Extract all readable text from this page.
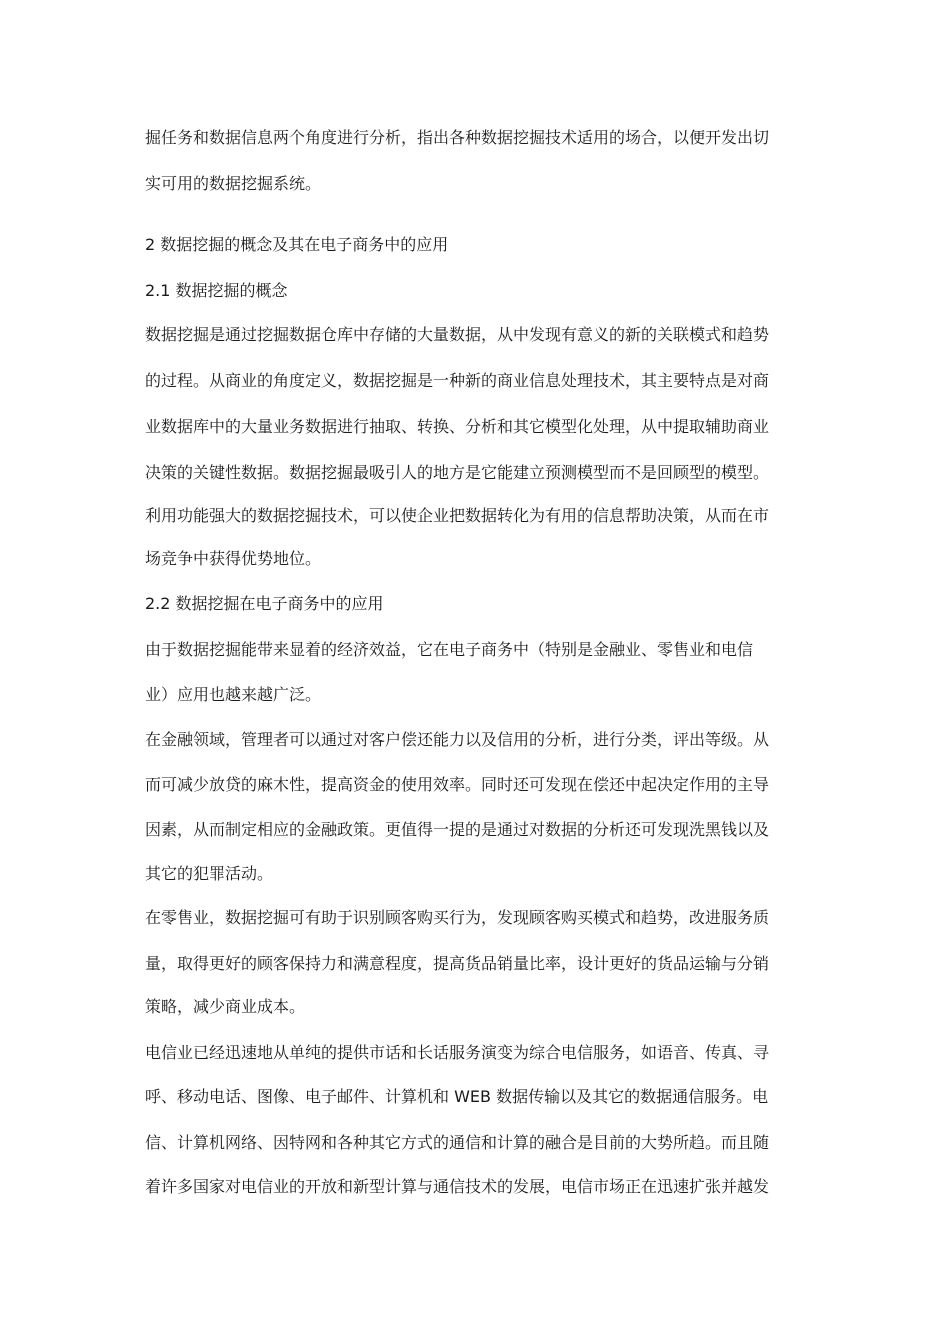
掘任务和数据信息两个角度进行分析，指出各种数据挖掘技术适用的场合，以便开发出切
实可用的数据挖掘系统。
2 数据挖掘的概念及其在电子商务中的应用
2.1 数据挖掘的概念
数据挖掘是通过挖掘数据仓库中存储的大量数据，从中发现有意义的新的关联模式和趋势
的过程。从商业的角度定义，数据挖掘是一种新的商业信息处理技术，其主要特点是对商
业数据库中的大量业务数据进行抽取、转换、分析和其它模型化处理，从中提取辅助商业
决策的关键性数据。数据挖掘最吸引人的地方是它能建立预测模型而不是回顾型的模型。
利用功能强大的数据挖掘技术，可以使企业把数据转化为有用的信息帮助决策，从而在市
场竞争中获得优势地位。
2.2 数据挖掘在电子商务中的应用
由于数据挖掘能带来显着的经济效益，它在电子商务中（特别是金融业、零售业和电信
业）应用也越来越广泛。
在金融领域，管理者可以通过对客户偿还能力以及信用的分析，进行分类，评出等级。从
而可减少放贷的麻木性，提高资金的使用效率。同时还可发现在偿还中起决定作用的主导
因素，从而制定相应的金融政策。更值得一提的是通过对数据的分析还可发现洗黑钱以及
其它的犯罪活动。
在零售业，数据挖掘可有助于识别顾客购买行为，发现顾客购买模式和趋势，改进服务质
量，取得更好的顾客保持力和满意程度，提高货品销量比率，设计更好的货品运输与分销
策略，减少商业成本。
电信业已经迅速地从单纯的提供市话和长话服务演变为综合电信服务，如语音、传真、寻
呼、移动电话、图像、电子邮件、计算机和 WEB 数据传输以及其它的数据通信服务。电
信、计算机网络、因特网和各种其它方式的通信和计算的融合是目前的大势所趋。而且随
着许多国家对电信业的开放和新型计算与通信技术的发展，电信市场正在迅速扩张并越发
